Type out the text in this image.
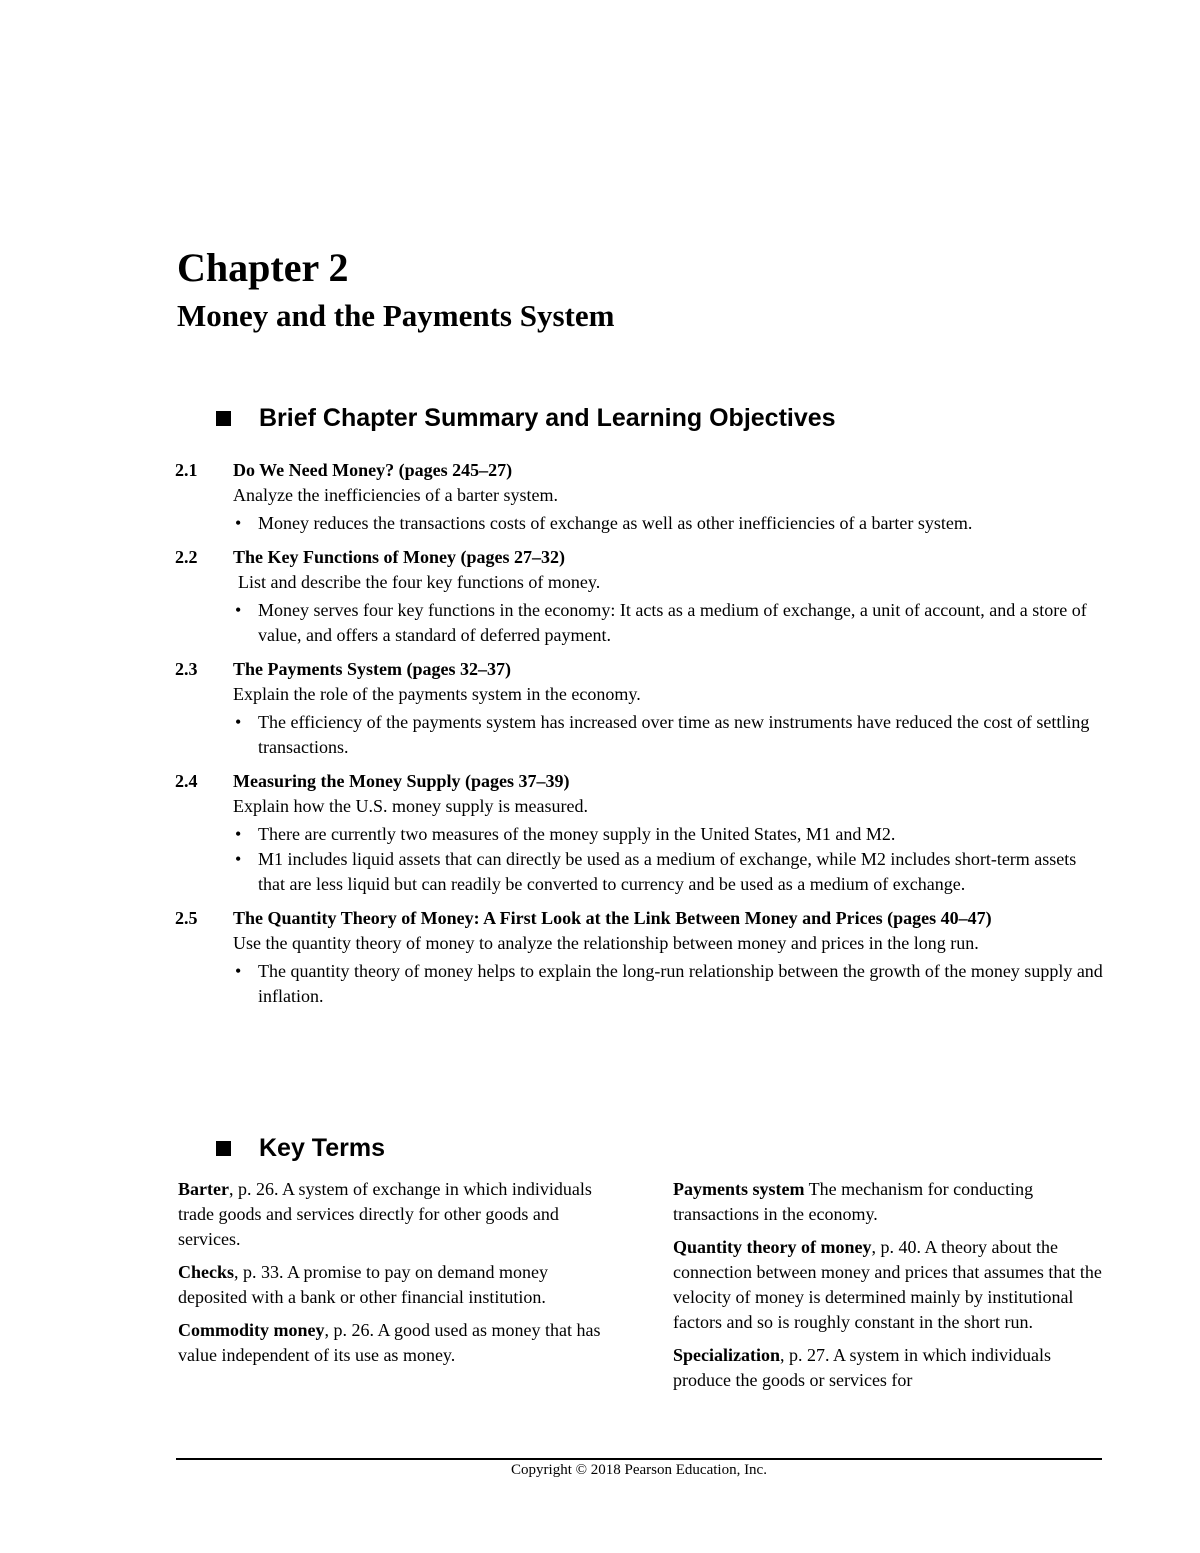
Chapter 2
Money and the Payments System
Brief Chapter Summary and Learning Objectives
2.1	Do We Need Money? (pages 245–27)
Analyze the inefficiencies of a barter system.
• Money reduces the transactions costs of exchange as well as other inefficiencies of a barter system.
2.2	The Key Functions of Money (pages 27–32)
List and describe the four key functions of money.
• Money serves four key functions in the economy: It acts as a medium of exchange, a unit of account, and a store of value, and offers a standard of deferred payment.
2.3	The Payments System (pages 32–37)
Explain the role of the payments system in the economy.
• The efficiency of the payments system has increased over time as new instruments have reduced the cost of settling transactions.
2.4	Measuring the Money Supply (pages 37–39)
Explain how the U.S. money supply is measured.
• There are currently two measures of the money supply in the United States, M1 and M2.
• M1 includes liquid assets that can directly be used as a medium of exchange, while M2 includes short-term assets that are less liquid but can readily be converted to currency and be used as a medium of exchange.
2.5	The Quantity Theory of Money: A First Look at the Link Between Money and Prices (pages 40–47)
Use the quantity theory of money to analyze the relationship between money and prices in the long run.
• The quantity theory of money helps to explain the long-run relationship between the growth of the money supply and inflation.
Key Terms
Barter, p. 26. A system of exchange in which individuals trade goods and services directly for other goods and services.
Checks, p. 33. A promise to pay on demand money deposited with a bank or other financial institution.
Commodity money, p. 26. A good used as money that has value independent of its use as money.
Payments system The mechanism for conducting transactions in the economy.
Quantity theory of money, p. 40. A theory about the connection between money and prices that assumes that the velocity of money is determined mainly by institutional factors and so is roughly constant in the short run.
Specialization, p. 27. A system in which individuals produce the goods or services for
Copyright © 2018 Pearson Education, Inc.
